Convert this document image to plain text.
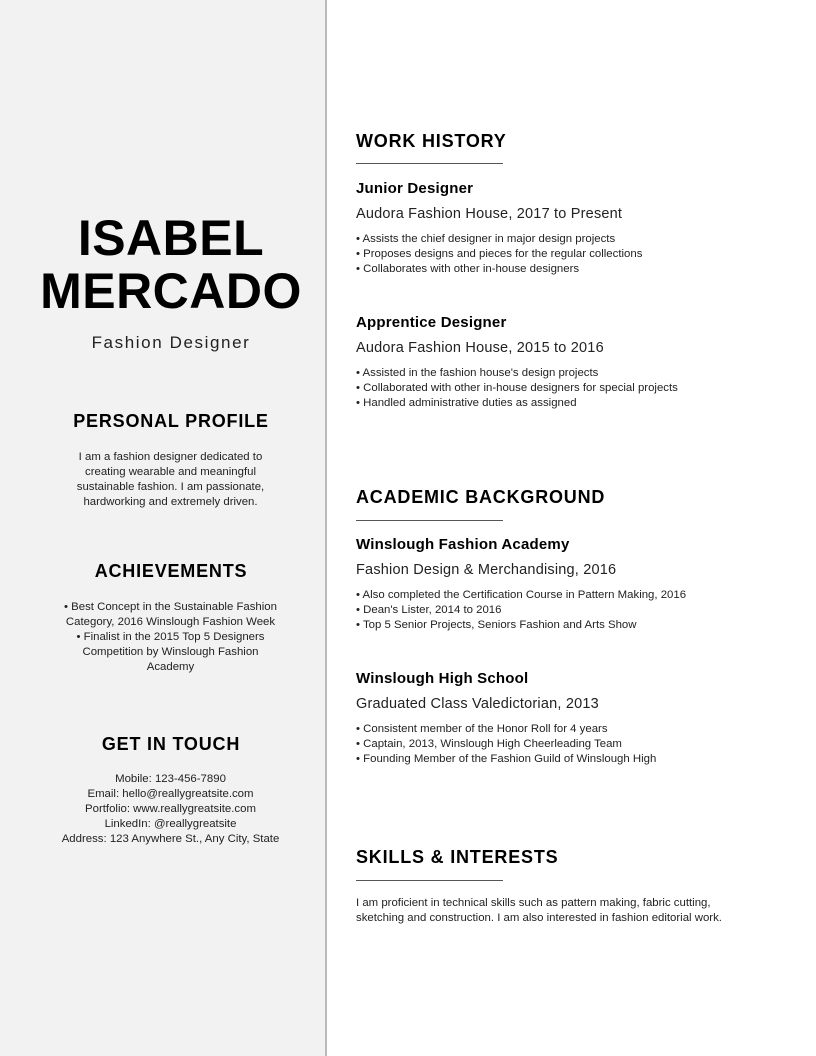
ISABEL
MERCADO
Fashion Designer
PERSONAL PROFILE
I am a fashion designer dedicated to
creating wearable and meaningful
sustainable fashion. I am passionate,
hardworking and extremely driven.
ACHIEVEMENTS
• Best Concept in the Sustainable Fashion
Category, 2016 Winslough Fashion Week
• Finalist in the 2015 Top 5 Designers
Competition by Winslough Fashion
Academy
GET IN TOUCH
Mobile: 123-456-7890
Email: hello@reallygreatsite.com
Portfolio: www.reallygreatsite.com
LinkedIn: @reallygreatsite
Address: 123 Anywhere St., Any City, State
WORK HISTORY
Junior Designer
Audora Fashion House, 2017 to Present
• Assists the chief designer in major design projects
• Proposes designs and pieces for the regular collections
• Collaborates with other in-house designers
Apprentice Designer
Audora Fashion House, 2015 to 2016
• Assisted in the fashion house's design projects
• Collaborated with other in-house designers for special projects
• Handled administrative duties as assigned
ACADEMIC BACKGROUND
Winslough Fashion Academy
Fashion Design & Merchandising, 2016
• Also completed the Certification Course in Pattern Making, 2016
• Dean's Lister, 2014 to 2016
• Top 5 Senior Projects, Seniors Fashion and Arts Show
Winslough High School
Graduated Class Valedictorian, 2013
• Consistent member of the Honor Roll for 4 years
• Captain, 2013, Winslough High Cheerleading Team
• Founding Member of the Fashion Guild of Winslough High
SKILLS & INTERESTS
I am proficient in technical skills such as pattern making, fabric cutting,
sketching and construction. I am also interested in fashion editorial work.
